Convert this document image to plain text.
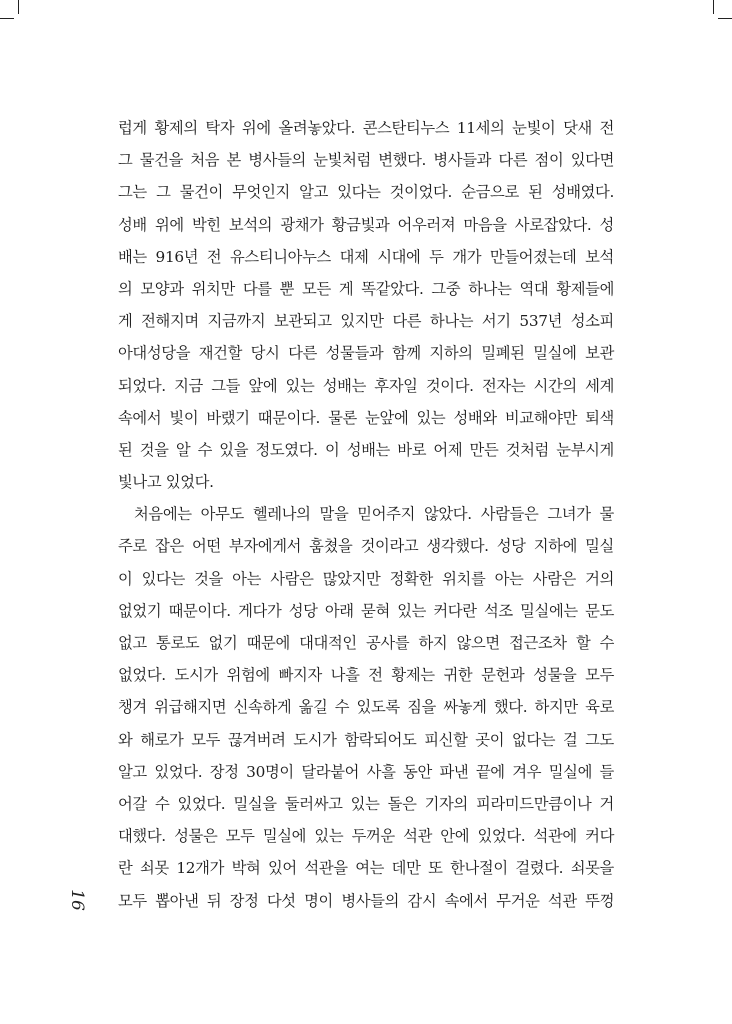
럽게 황제의 탁자 위에 올려놓았다. 콘스탄티누스 11세의 눈빛이 닷새 전
그 물건을 처음 본 병사들의 눈빛처럼 변했다. 병사들과 다른 점이 있다면
그는 그 물건이 무엇인지 알고 있다는 것이었다. 순금으로 된 성배였다.
성배 위에 박힌 보석의 광채가 황금빛과 어우러져 마음을 사로잡았다. 성
배는 916년 전 유스티니아누스 대제 시대에 두 개가 만들어졌는데 보석
의 모양과 위치만 다를 뿐 모든 게 똑같았다. 그중 하나는 역대 황제들에
게 전해지며 지금까지 보관되고 있지만 다른 하나는 서기 537년 성소피
아대성당을 재건할 당시 다른 성물들과 함께 지하의 밀폐된 밀실에 보관
되었다. 지금 그들 앞에 있는 성배는 후자일 것이다. 전자는 시간의 세계
속에서 빛이 바랬기 때문이다. 물론 눈앞에 있는 성배와 비교해야만 퇴색
된 것을 알 수 있을 정도였다. 이 성배는 바로 어제 만든 것처럼 눈부시게
빛나고 있었다.
처음에는 아무도 헬레나의 말을 믿어주지 않았다. 사람들은 그녀가 물
주로 잡은 어떤 부자에게서 훔쳤을 것이라고 생각했다. 성당 지하에 밀실
이 있다는 것을 아는 사람은 많았지만 정확한 위치를 아는 사람은 거의
없었기 때문이다. 게다가 성당 아래 묻혀 있는 커다란 석조 밀실에는 문도
없고 통로도 없기 때문에 대대적인 공사를 하지 않으면 접근조차 할 수
없었다. 도시가 위험에 빠지자 나흘 전 황제는 귀한 문헌과 성물을 모두
챙겨 위급해지면 신속하게 옮길 수 있도록 짐을 싸놓게 했다. 하지만 육로
와 해로가 모두 끊겨버려 도시가 함락되어도 피신할 곳이 없다는 걸 그도
알고 있었다. 장정 30명이 달라붙어 사흘 동안 파낸 끝에 겨우 밀실에 들
어갈 수 있었다. 밀실을 둘러싸고 있는 돌은 기자의 피라미드만큼이나 거
대했다. 성물은 모두 밀실에 있는 두꺼운 석관 안에 있었다. 석관에 커다
란 쇠못 12개가 박혀 있어 석관을 여는 데만 또 한나절이 걸렸다. 쇠못을
모두 뽑아낸 뒤 장정 다섯 명이 병사들의 감시 속에서 무거운 석관 뚜껑
16
